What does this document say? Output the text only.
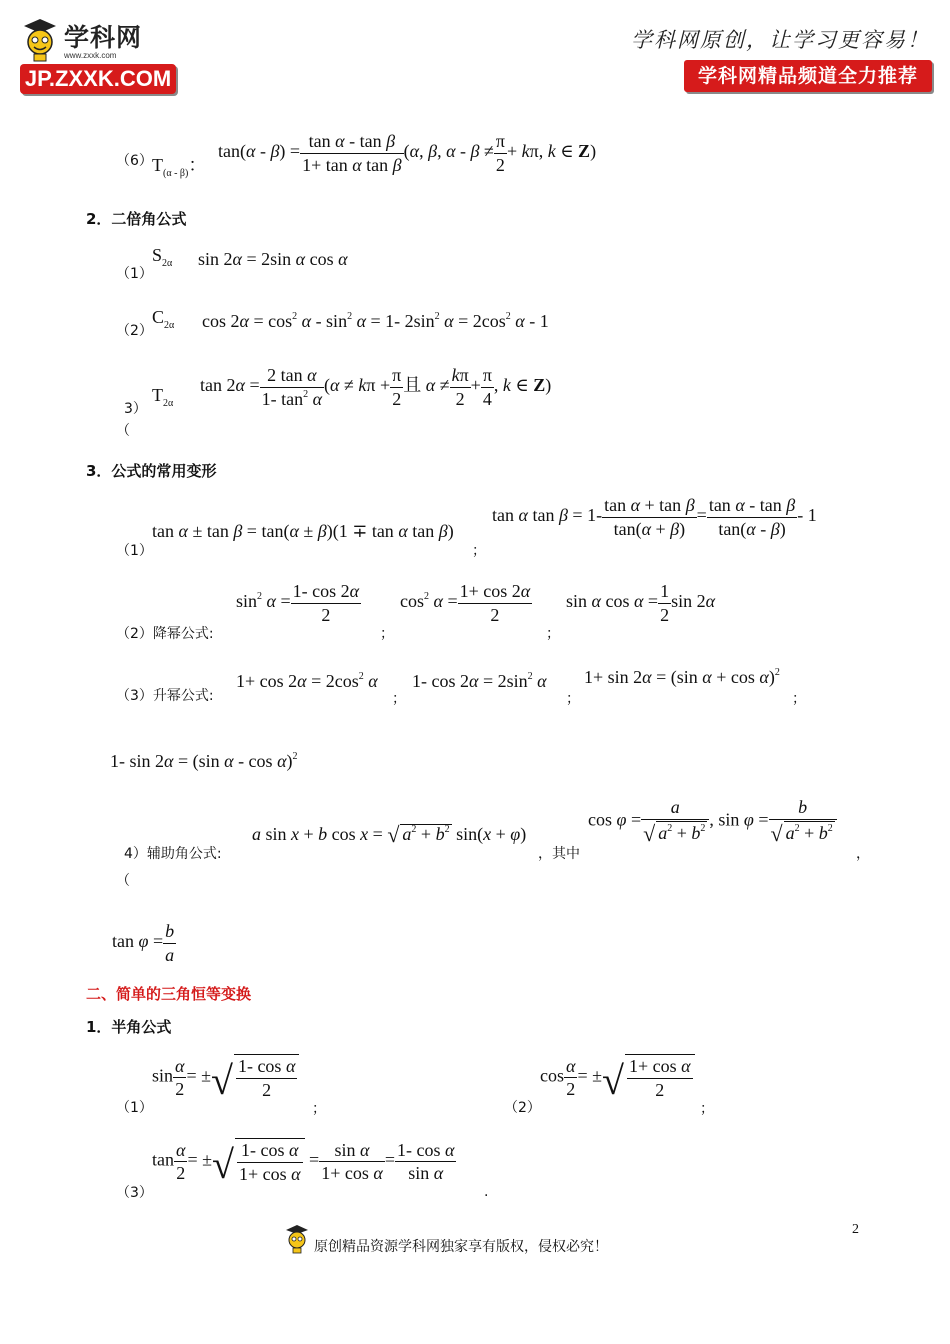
学科网
www.zxxk.com
JP.ZXXK.COM
学科网原创，让学习更容易！
学科网精品频道全力推荐
（6） $T_{(\alpha - \beta)}$：
$\tan(\alpha - \beta) = \frac{\text{tan α - tan β}}{\text{1+ tan α tan β}} (\alpha$, β, $\alpha - \beta \ne \frac{\pi}{2} + k\pi$, k ∈ Z)
2．二倍角公式
（1）
$S_{2\alpha}$ sin 2α = 2sin α cos α
（2）
$C_{2\alpha}$ $\cos 2\alpha = \cos^2 \alpha - \sin^2 \alpha = 1-$ $2\sin^2$ $\alpha = 2\cos^2$ α - 1
3）
（
$T_{2\alpha}$
$\tan 2\alpha = \frac{\text{2 tan α}}{1- \tan^2 \alpha} (\alpha \ne k\pi + \frac{\pi}{2}$ 且 $\alpha \ne \frac{k\pi}{2} + \frac{\pi}{4}$ , k ∈ Z)
3．公式的常用变形
（1）
tan α ± tan β = tan(α ± β)(1 ∓ tan α tan β)
；
tan α $\tan \beta = 1- \frac{\text{tan α + tan β}}{\tan(\alpha + \beta)} = \frac{\text{tan α - tan β}}{\tan(\alpha - \beta)} - 1$
（2）降幂公式:
$\sin^2 \alpha = \frac{1- \cos 2\alpha}{2}$
；
$\cos^2 \alpha = \frac{1+ \cos 2\alpha}{2}$
；
sin α $\cos \alpha = \frac{1}{2}$ sin 2α
（3）升幂公式:
$1+ \cos 2\alpha = 2\cos^2$ α
；
1- $\cos 2\alpha = 2\sin^2$ α
；
1+ sin 2α = (sin α + cos α)$^2$
；
1- sin 2α = (sin α - cos α)$^2$
4）辅助角公式:
（
a sin x + b cos x = √ $a^2 + b^2$ sin(x + φ)
，其中
$\cos \varphi = \frac{a}{√ a^2 + b^2}$ , $\sin \varphi = \frac{b}{√ a^2 + b^2}$
，
$\tan \varphi = \frac{b}{a}$
二、简单的三角恒等变换
1．半角公式
（1）
$\sin \frac{\alpha}{2}$ = ±√ $\frac{\text{1- cos α}}{2}$
；	（2）
$\cos \frac{\alpha}{2}$ = ±√ $\frac{\text{1+ cos α}}{2}$
；
（3）
$\tan \frac{\alpha}{2}$ = ±√ $\frac{\text{1- cos α}}{\text{1+ cos α}} = \frac{\text{sin α}}{\text{1+ cos α}} = \frac{\text{1- cos α}}{\text{sin α}}$
.
2
原创精品资源学科网独家享有版权，侵权必究！
